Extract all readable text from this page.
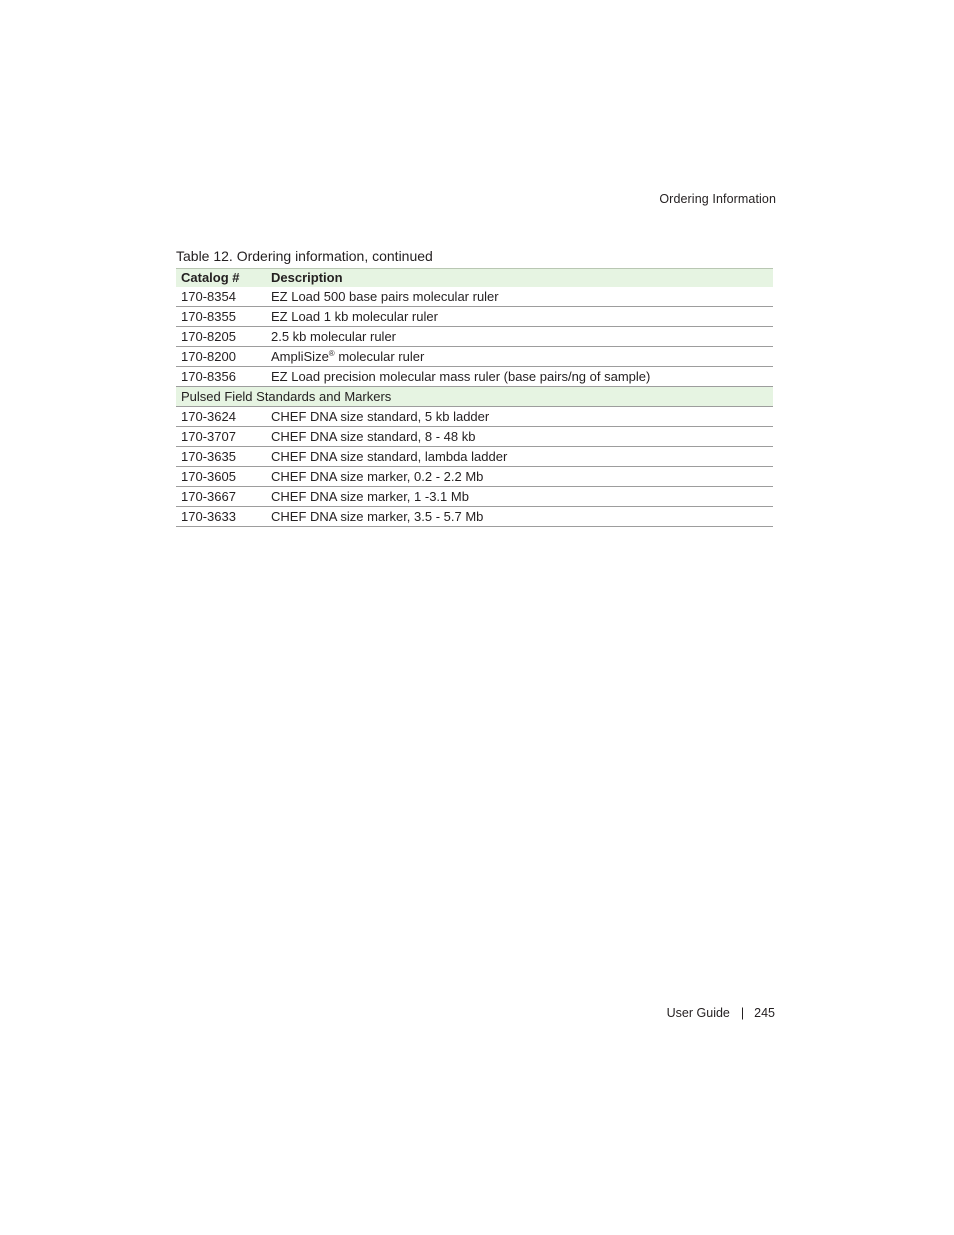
Ordering Information
Table 12. Ordering information, continued
Catalog #	Description
170-8354	EZ Load 500 base pairs molecular ruler
170-8355	EZ Load 1 kb molecular ruler
170-8205	2.5 kb molecular ruler
170-8200	AmpliSize® molecular ruler
170-8356	EZ Load precision molecular mass ruler (base pairs/ng of sample)
Pulsed Field Standards and Markers	
170-3624	CHEF DNA size standard, 5 kb ladder
170-3707	CHEF DNA size standard, 8 - 48 kb
170-3635	CHEF DNA size standard, lambda ladder
170-3605	CHEF DNA size marker, 0.2 - 2.2 Mb
170-3667	CHEF DNA size marker, 1 -3.1 Mb
170-3633	CHEF DNA size marker, 3.5 - 5.7 Mb
User Guide | 245
